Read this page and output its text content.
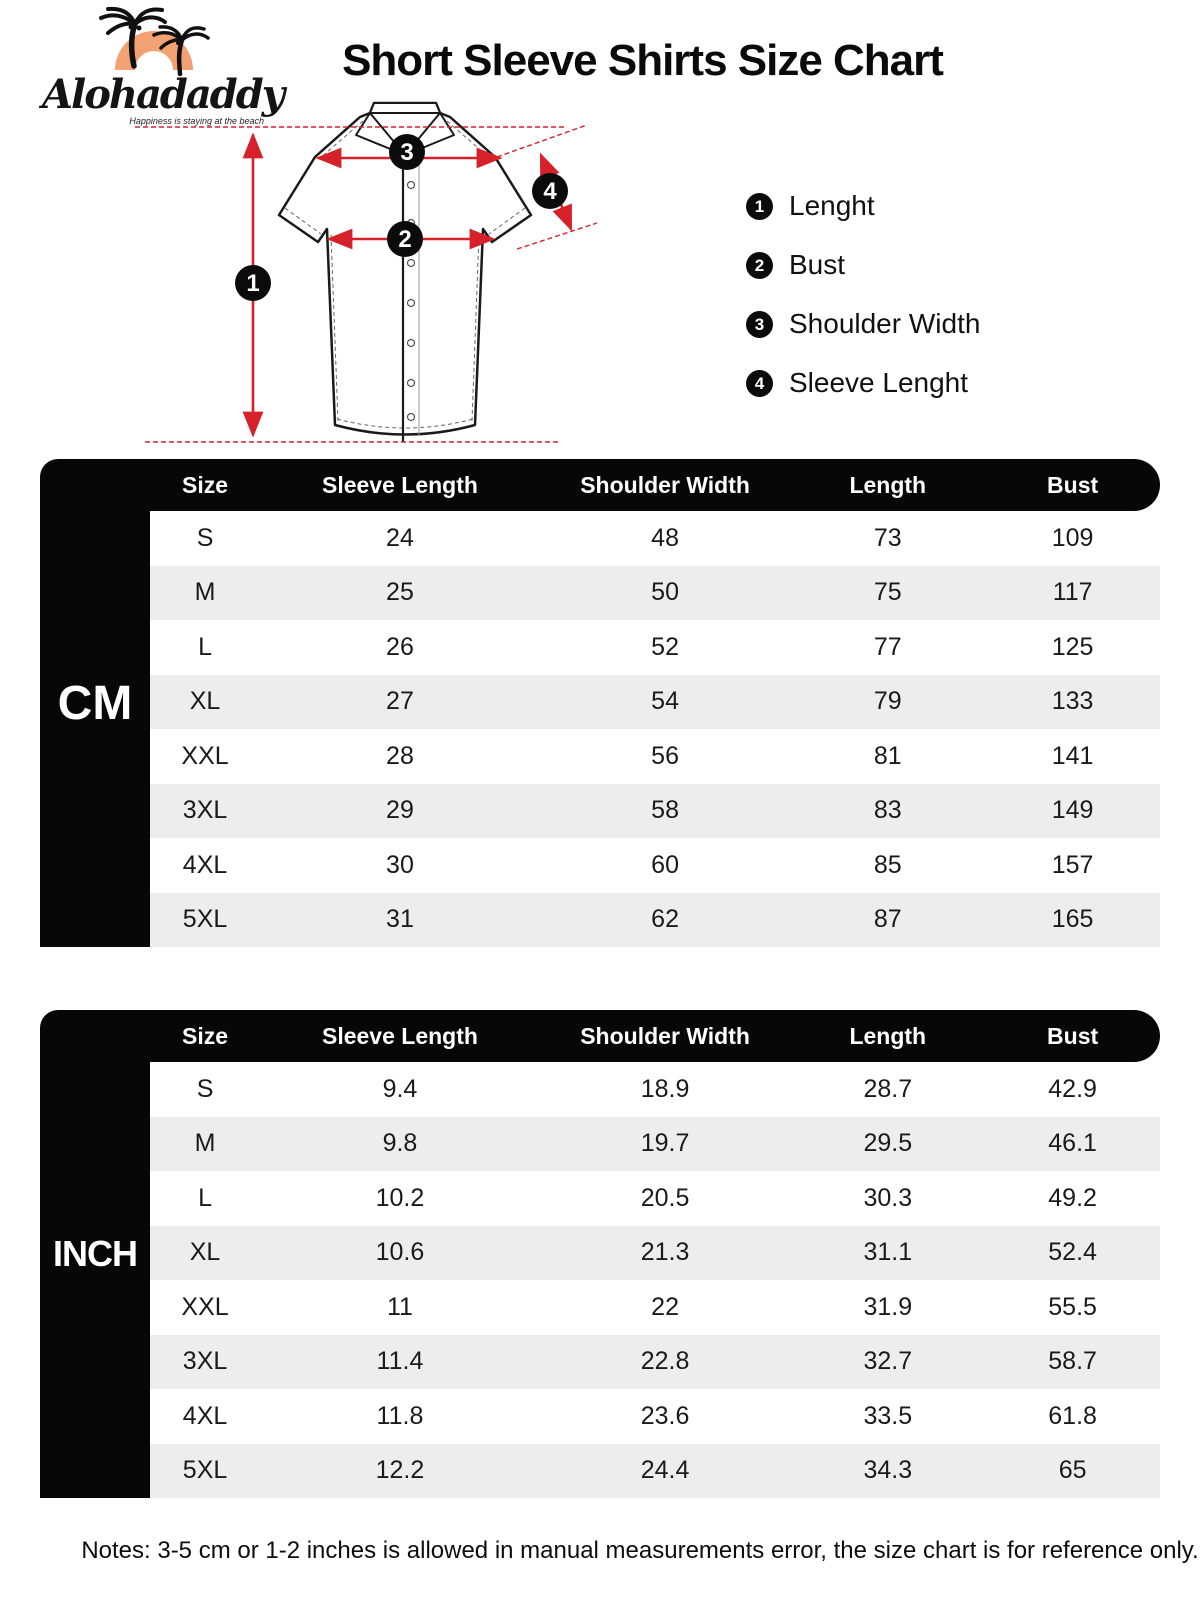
Alohadaddy
Happiness is staying at the beach
Short Sleeve Shirts Size Chart
1
2
3
4
1 Lenght
2 Bust
3 Shoulder Width
4 Sleeve Lenght
Size	Sleeve Length	Shoulder Width	Length	Bust
CM
S	24	48	73	109
M	25	50	75	117
L	26	52	77	125
XL	27	54	79	133
XXL	28	56	81	141
3XL	29	58	83	149
4XL	30	60	85	157
5XL	31	62	87	165
Size	Sleeve Length	Shoulder Width	Length	Bust
INCH
S	9.4	18.9	28.7	42.9
M	9.8	19.7	29.5	46.1
L	10.2	20.5	30.3	49.2
XL	10.6	21.3	31.1	52.4
XXL	11	22	31.9	55.5
3XL	11.4	22.8	32.7	58.7
4XL	11.8	23.6	33.5	61.8
5XL	12.2	24.4	34.3	65

Notes: 3-5 cm or 1-2 inches is allowed in manual measurements error, the size chart is for reference only.
